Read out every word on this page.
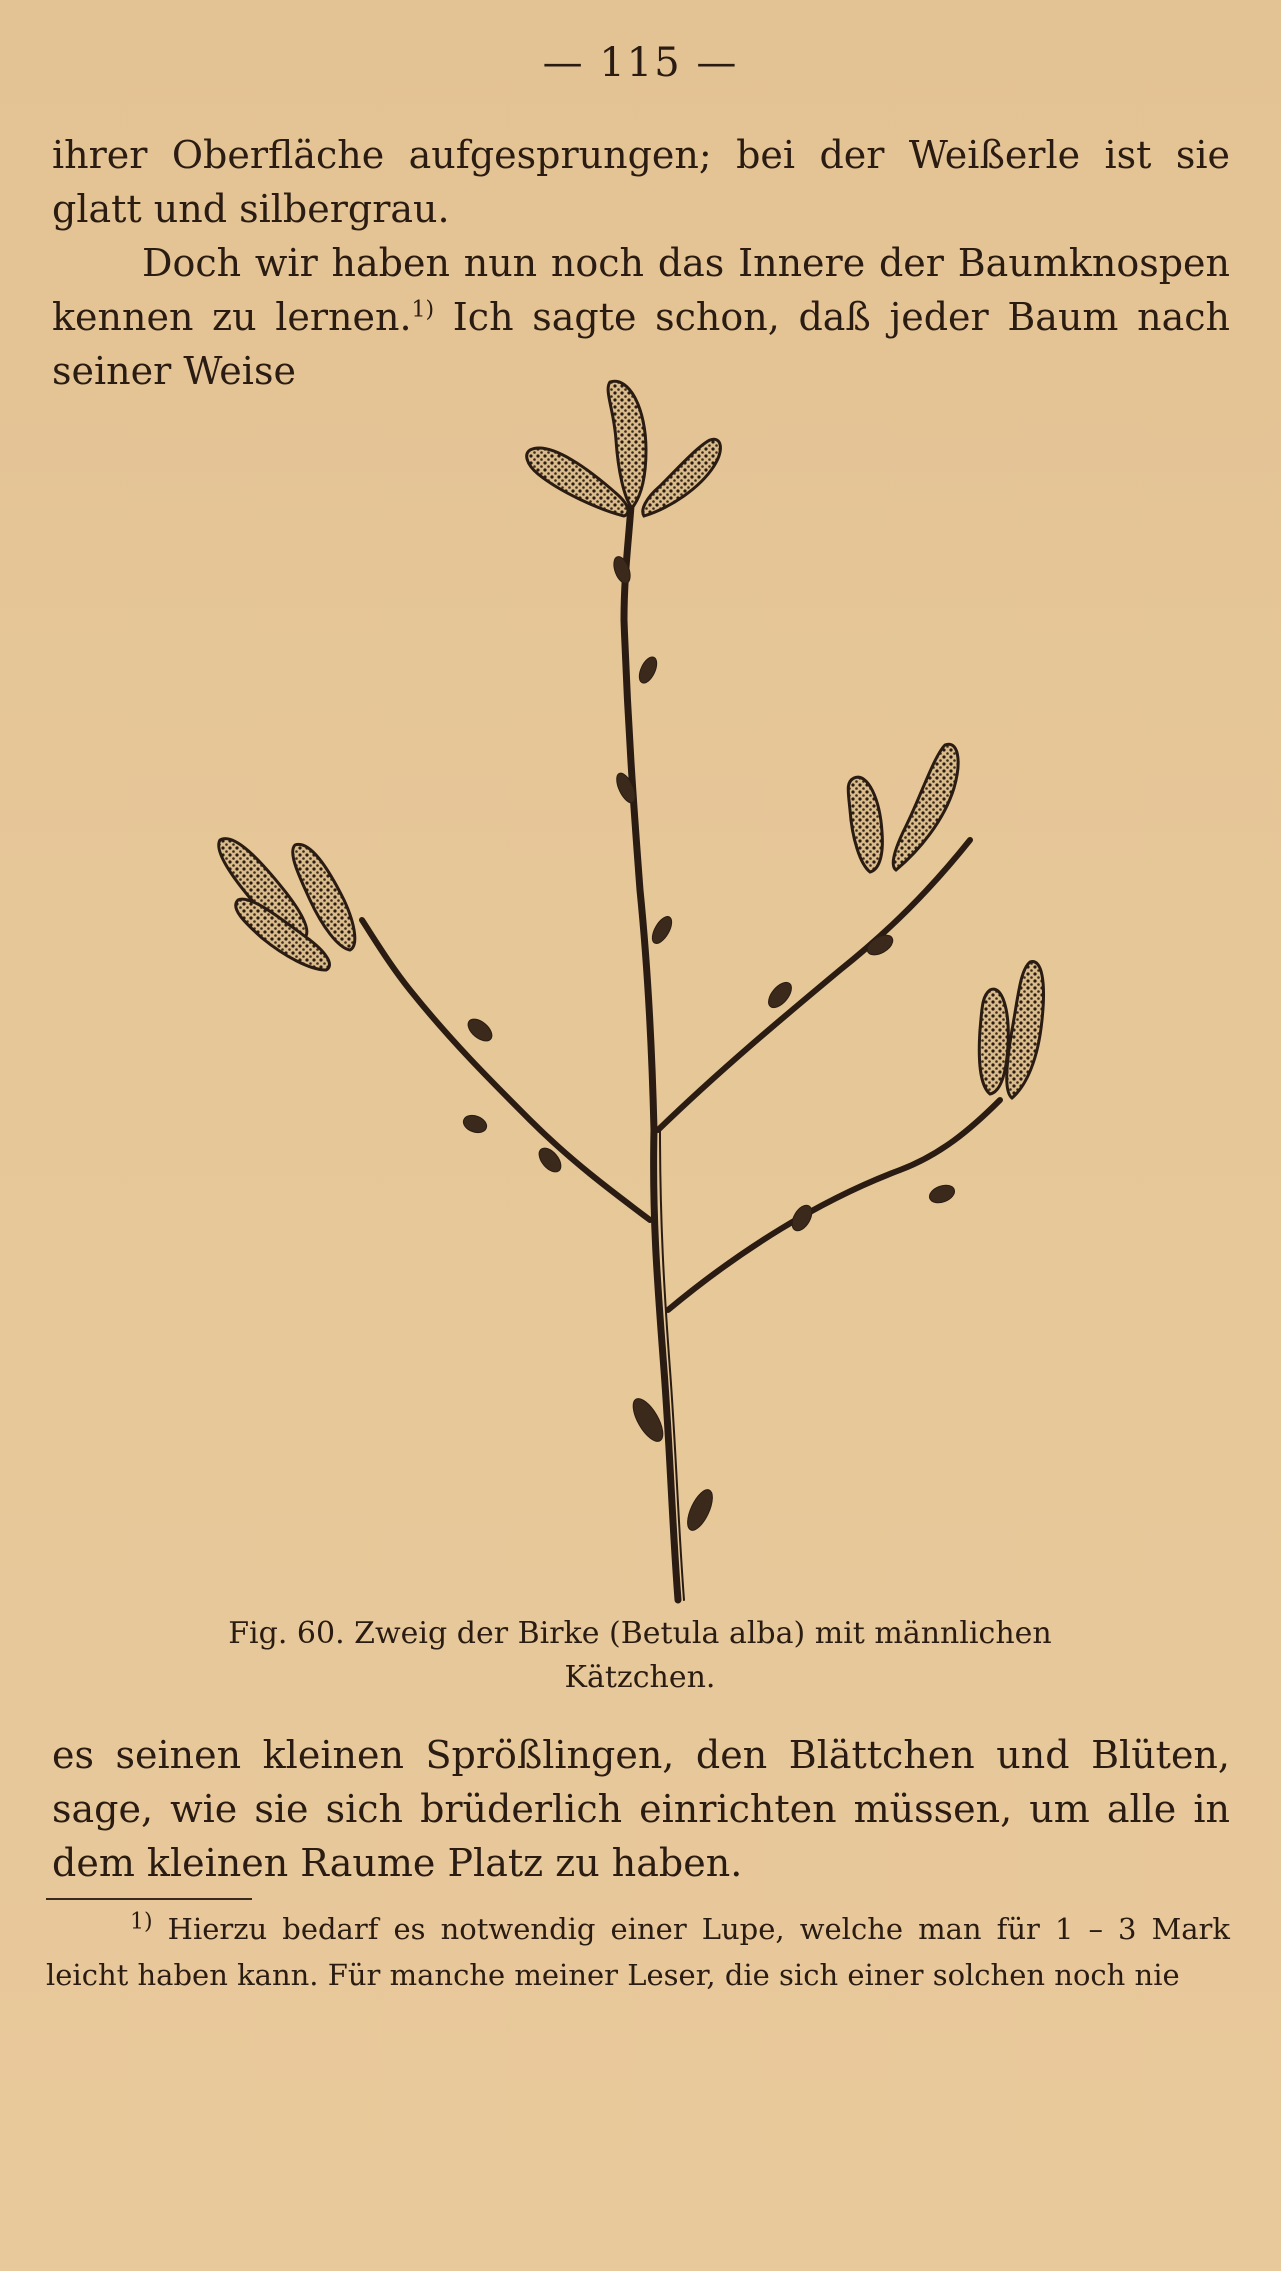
— 115 —

ihrer Oberfläche aufgesprungen; bei der Weißerle ist sie glatt und silbergrau.

Doch wir haben nun noch das Innere der Baumknospen kennen zu lernen.$^{1)}$ Ich sagte schon, daß jeder Baum nach seiner Weise

Fig. 60. Zweig der Birke (Betula alba) mit männlichen
Kätzchen.

es seinen kleinen Sprößlingen, den Blättchen und Blüten, sage, wie sie sich brüderlich einrichten müssen, um alle in dem kleinen Raume Platz zu haben.

$^{1)}$ Hierzu bedarf es notwendig einer Lupe, welche man für 1 – 3 Mark leicht haben kann. Für manche meiner Leser, die sich einer solchen noch nie
